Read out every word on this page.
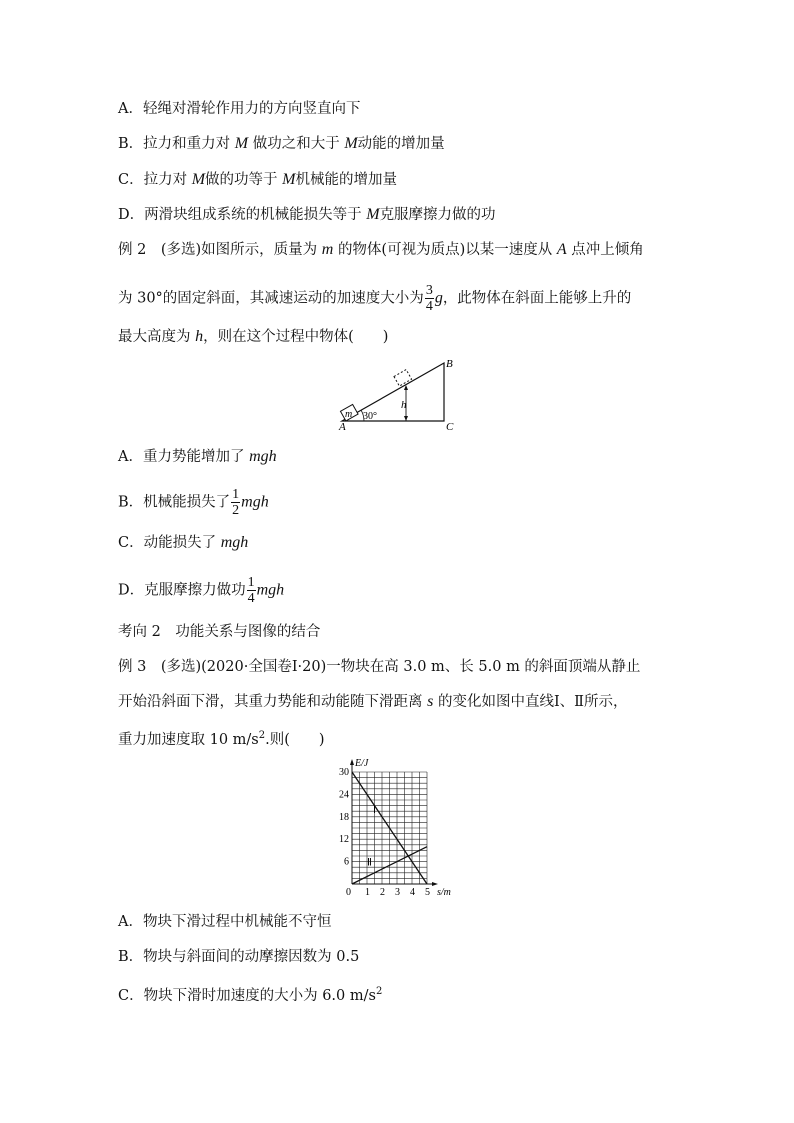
A．轻绳对滑轮作用力的方向竖直向下
B．拉力和重力对 M 做功之和大于 M动能的增加量
C．拉力对 M做的功等于 M机械能的增加量
D．两滑块组成系统的机械能损失等于 M克服摩擦力做的功
例 2　(多选)如图所示，质量为 m 的物体(可视为质点)以某一速度从 A 点冲上倾角
为 30°的固定斜面，其减速运动的加速度大小为 $\frac{3}{4}$ g，此物体在斜面上能够上升的
最大高度为 h，则在这个过程中物体(　　)
m
h
30°
A
B
C
A．重力势能增加了 mgh
B．机械能损失了 $\frac{1}{2}$ mgh
C．动能损失了 mgh
D．克服摩擦力做功 $\frac{1}{4}$ mgh
考向 2　功能关系与图像的结合
例 3　(多选)(2020·全国卷Ⅰ·20)一物块在高 3.0 m、长 5.0 m 的斜面顶端从静止
开始沿斜面下滑，其重力势能和动能随下滑距离 s 的变化如图中直线Ⅰ、Ⅱ所示，
重力加速度取 10 $m/s^2$.则(　　)
0 1 2 3 4 5
6
12
18
24
30
E/J
s/m
Ⅰ
Ⅱ
A．物块下滑过程中机械能不守恒
B．物块与斜面间的动摩擦因数为 0.5
C．物块下滑时加速度的大小为 6.0 $m/s^2$
